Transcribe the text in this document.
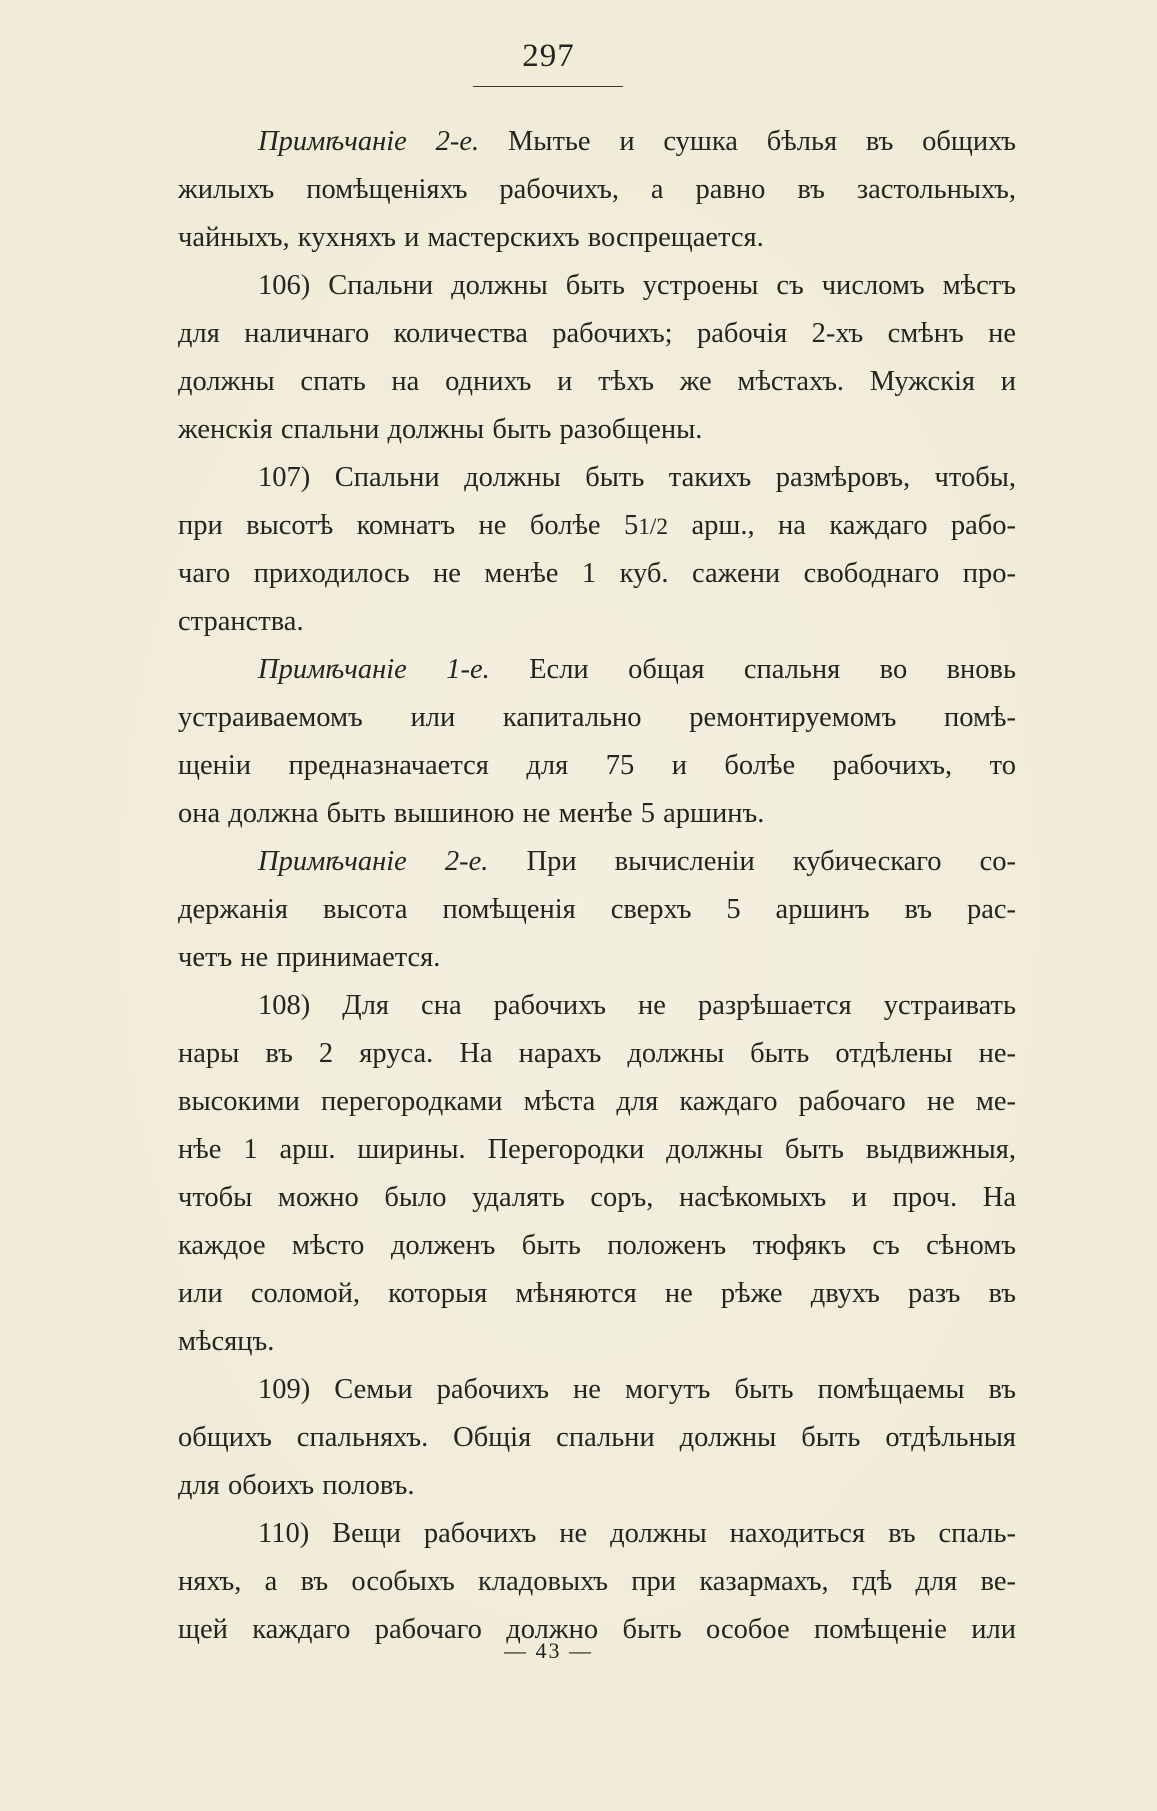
297
Примѣчаніе 2-е. Мытье и сушка бѣлья въ общихъ
жилыхъ помѣщеніяхъ рабочихъ, а равно въ застольныхъ,
чайныхъ, кухняхъ и мастерскихъ воспрещается.
106) Спальни должны быть устроены съ числомъ мѣстъ
для наличнаго количества рабочихъ; рабочія 2-хъ смѣнъ не
должны спать на однихъ и тѣхъ же мѣстахъ. Мужскія и
женскія спальни должны быть разобщены.
107) Спальни должны быть такихъ размѣровъ, чтобы,
при высотѣ комнатъ не болѣе 51/2 арш., на каждаго рабо-
чаго приходилось не менѣе 1 куб. сажени свободнаго про-
странства.
Примѣчаніе 1-е. Если общая спальня во вновь
устраиваемомъ или капитально ремонтируемомъ помѣ-
щеніи предназначается для 75 и болѣе рабочихъ, то
она должна быть вышиною не менѣе 5 аршинъ.
Примѣчаніе 2-е. При вычисленіи кубическаго со-
держанія высота помѣщенія сверхъ 5 аршинъ въ рас-
четъ не принимается.
108) Для сна рабочихъ не разрѣшается устраивать
нары въ 2 яруса. На нарахъ должны быть отдѣлены не-
высокими перегородками мѣста для каждаго рабочаго не ме-
нѣе 1 арш. ширины. Перегородки должны быть выдвижныя,
чтобы можно было удалять соръ, насѣкомыхъ и проч. На
каждое мѣсто долженъ быть положенъ тюфякъ съ сѣномъ
или соломой, которыя мѣняются не рѣже двухъ разъ въ
мѣсяцъ.
109) Семьи рабочихъ не могутъ быть помѣщаемы въ
общихъ спальняхъ. Общія спальни должны быть отдѣльныя
для обоихъ половъ.
110) Вещи рабочихъ не должны находиться въ спаль-
няхъ, а въ особыхъ кладовыхъ при казармахъ, гдѣ для ве-
щей каждаго рабочаго должно быть особое помѣщеніе или
— 43 —
